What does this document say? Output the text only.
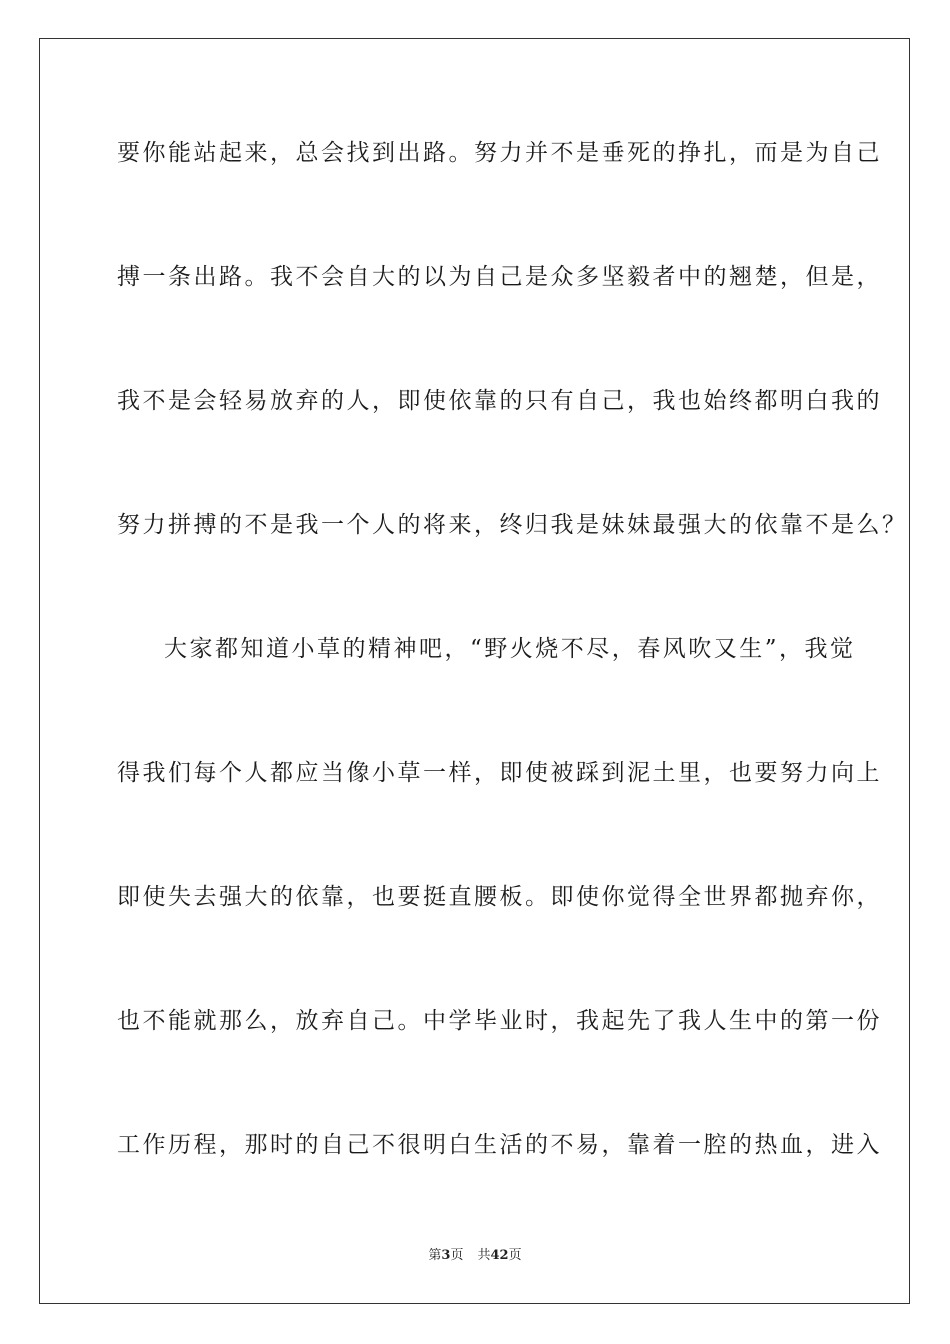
要你能站起来，总会找到出路。努力并不是垂死的挣扎，而是为自己
搏一条出路。我不会自大的以为自己是众多坚毅者中的翘楚，但是，
我不是会轻易放弃的人，即使依靠的只有自己，我也始终都明白我的
努力拼搏的不是我一个人的将来，终归我是妹妹最强大的依靠不是么？
大家都知道小草的精神吧，“野火烧不尽，春风吹又生”，我觉
得我们每个人都应当像小草一样，即使被踩到泥土里，也要努力向上
即使失去强大的依靠，也要挺直腰板。即使你觉得全世界都抛弃你，
也不能就那么，放弃自己。中学毕业时，我起先了我人生中的第一份
工作历程，那时的自己不很明白生活的不易，靠着一腔的热血，进入
第3页 共42页
